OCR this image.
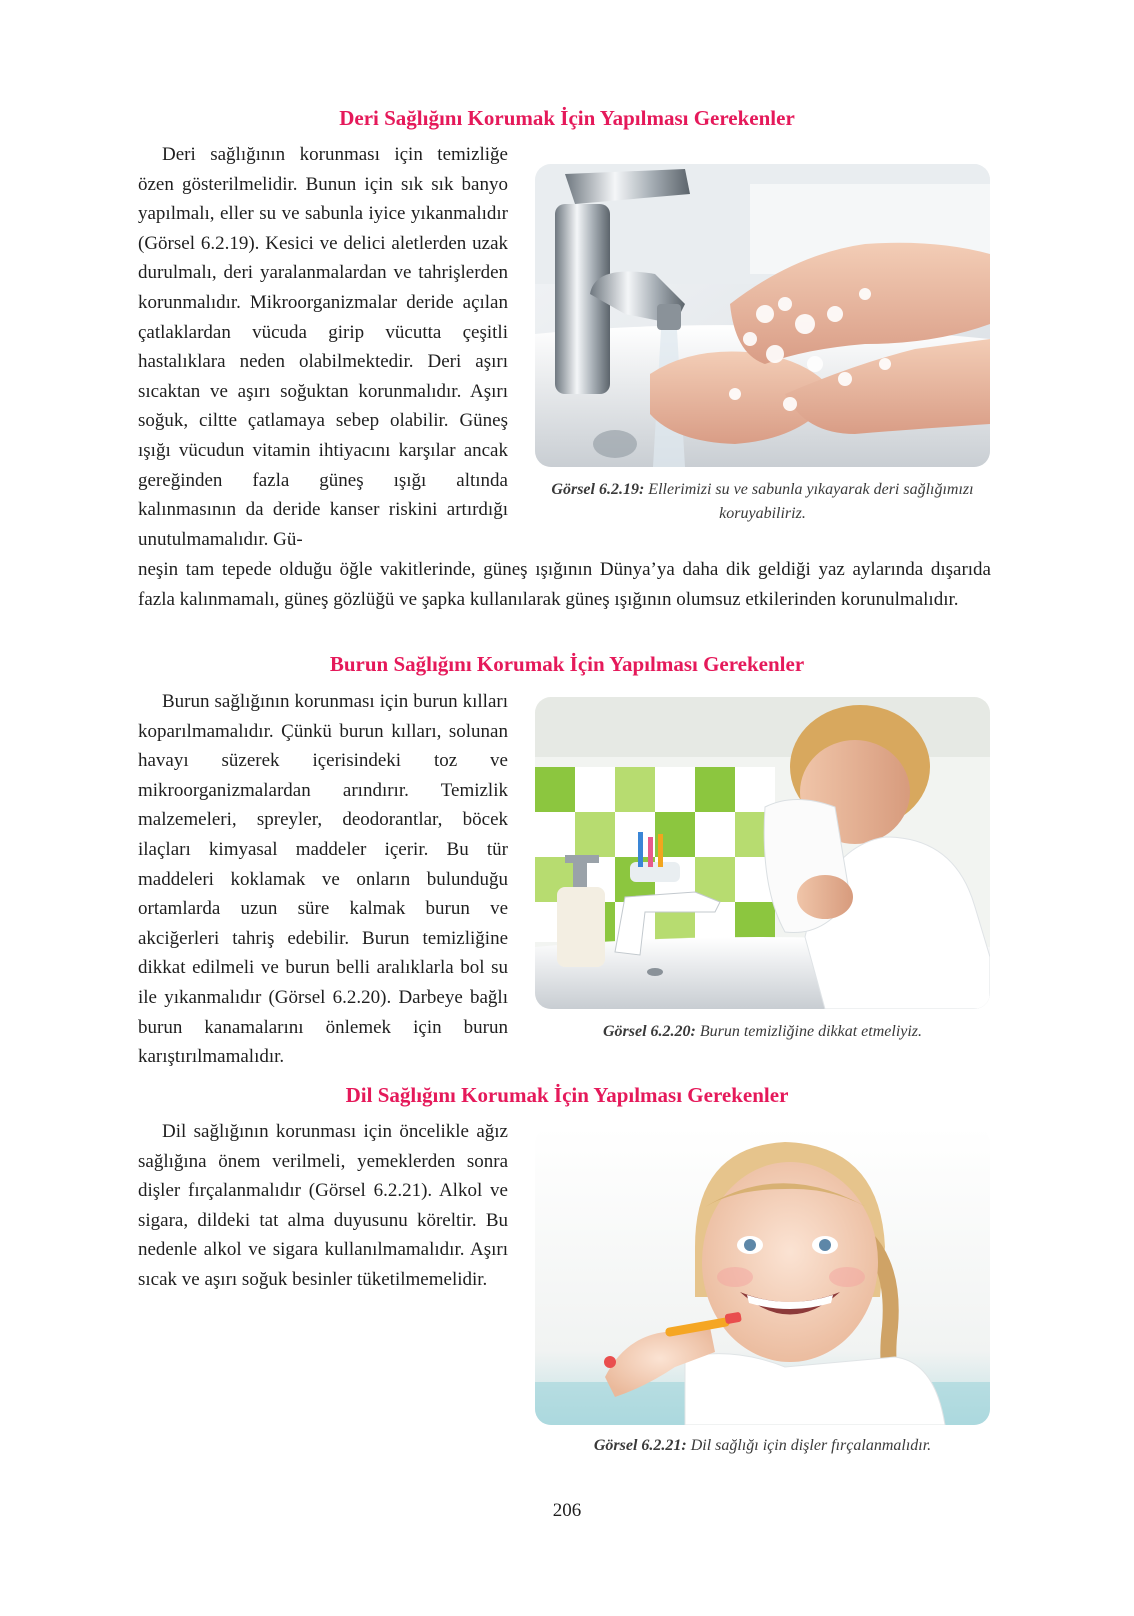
Deri Sağlığını Korumak İçin Yapılması Gerekenler

Deri sağlığının korunması için temizliğe özen gösterilmelidir. Bunun için sık sık banyo yapılmalı, eller su ve sabunla iyice yıkanmalıdır (Görsel 6.2.19). Kesici ve delici aletlerden uzak durulmalı, deri yaralanmalardan ve tahrişlerden korunmalıdır. Mikroorganizmalar deride açılan çatlaklardan vücuda girip vücutta çeşitli hastalıklara neden olabilmektedir. Deri aşırı sıcaktan ve aşırı soğuktan korunmalıdır. Aşırı soğuk, ciltte çatlamaya sebep olabilir. Güneş ışığı vücudun vitamin ihtiyacını karşılar ancak gereğinden fazla güneş ışığı altında kalınmasının da deride kanser riskini artırdığı unutulmamalıdır. Gü-

Görsel 6.2.19: Ellerimizi su ve sabunla yıkayarak deri sağlığımızı koruyabiliriz.

neşin tam tepede olduğu öğle vakitlerinde, güneş ışığının Dünya’ya daha dik geldiği yaz aylarında dışarıda fazla kalınmamalı, güneş gözlüğü ve şapka kullanılarak güneş ışığının olumsuz etkilerinden korunulmalıdır.

Burun Sağlığını Korumak İçin Yapılması Gerekenler

Burun sağlığının korunması için burun kılları koparılmamalıdır. Çünkü burun kılları, solunan havayı süzerek içerisindeki toz ve mikroorganizmalardan arındırır. Temizlik malzemeleri, spreyler, deodorantlar, böcek ilaçları kimyasal maddeler içerir. Bu tür maddeleri koklamak ve onların bulunduğu ortamlarda uzun süre kalmak burun ve akciğerleri tahriş edebilir. Burun temizliğine dikkat edilmeli ve burun belli aralıklarla bol su ile yıkanmalıdır (Görsel 6.2.20). Darbeye bağlı burun kanamalarını önlemek için burun karıştırılmamalıdır.

Görsel 6.2.20: Burun temizliğine dikkat etmeliyiz.

Dil Sağlığını Korumak İçin Yapılması Gerekenler

Dil sağlığının korunması için öncelikle ağız sağlığına önem verilmeli, yemeklerden sonra dişler fırçalanmalıdır (Görsel 6.2.21). Alkol ve sigara, dildeki tat alma duyusunu köreltir. Bu nedenle alkol ve sigara kullanılmamalıdır. Aşırı sıcak ve aşırı soğuk besinler tüketilmemelidir.

Görsel 6.2.21: Dil sağlığı için dişler fırçalanmalıdır.

206
